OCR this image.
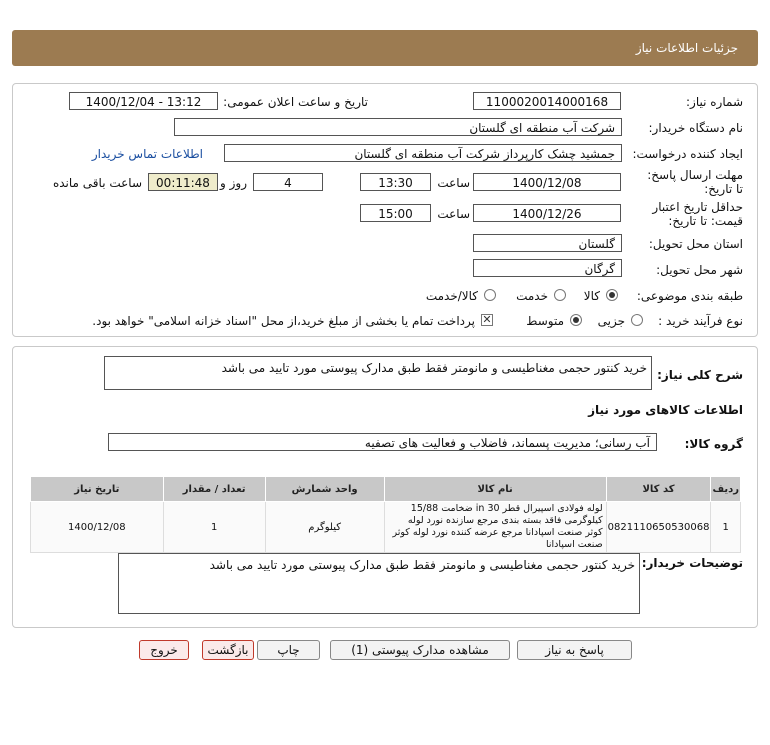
جزئیات اطلاعات نیاز
شماره نیاز:
1100020014000168
تاریخ و ساعت اعلان عمومی:
1400/12/04 - 13:12
نام دستگاه خریدار:
شرکت آب منطقه ای گلستان
ایجاد کننده درخواست:
جمشید چشک کارپرداز شرکت آب منطقه ای گلستان
اطلاعات تماس خریدار
مهلت ارسال پاسخ: تا تاریخ:
1400/12/08
ساعت
13:30
4
روز و
00:11:48
ساعت باقی مانده
حداقل تاریخ اعتبار قیمت: تا تاریخ:
1400/12/26
ساعت
15:00
استان محل تحویل:
گلستان
شهر محل تحویل:
گرگان
طبقه بندی موضوعی:
کالا
خدمت
کالا/خدمت
نوع فرآیند خرید :
جزیی
متوسط
✕
پرداخت تمام یا بخشی از مبلغ خرید،از محل "اسناد خزانه اسلامی" خواهد بود.
شرح کلی نیاز:
خرید کنتور حجمی مغناطیسی و مانومتر فقط طبق مدارک پیوستی مورد تایید می باشد
اطلاعات کالاهای مورد نیاز
گروه کالا:
آب رسانی؛ مدیریت پسماند، فاضلاب و فعالیت های تصفیه
ردیف	کد کالا	نام کالا	واحد شمارش	تعداد / مقدار	تاریخ نیاز
1	0821110650530068	لوله فولادی اسپیرال قطر 30 in ضخامت 15/88 کیلوگرمی فاقد بسته بندی مرجع سازنده نورد لوله کوثر صنعت اسپادانا مرجع عرضه کننده نورد لوله کوثر صنعت اسپادانا	کیلوگرم	1	1400/12/08
توضیحات خریدار:
خرید کنتور حجمی مغناطیسی و مانومتر فقط طبق مدارک پیوستی مورد تایید می باشد
پاسخ به نیاز
مشاهده مدارک پیوستی (1)
چاپ
بازگشت
خروج
